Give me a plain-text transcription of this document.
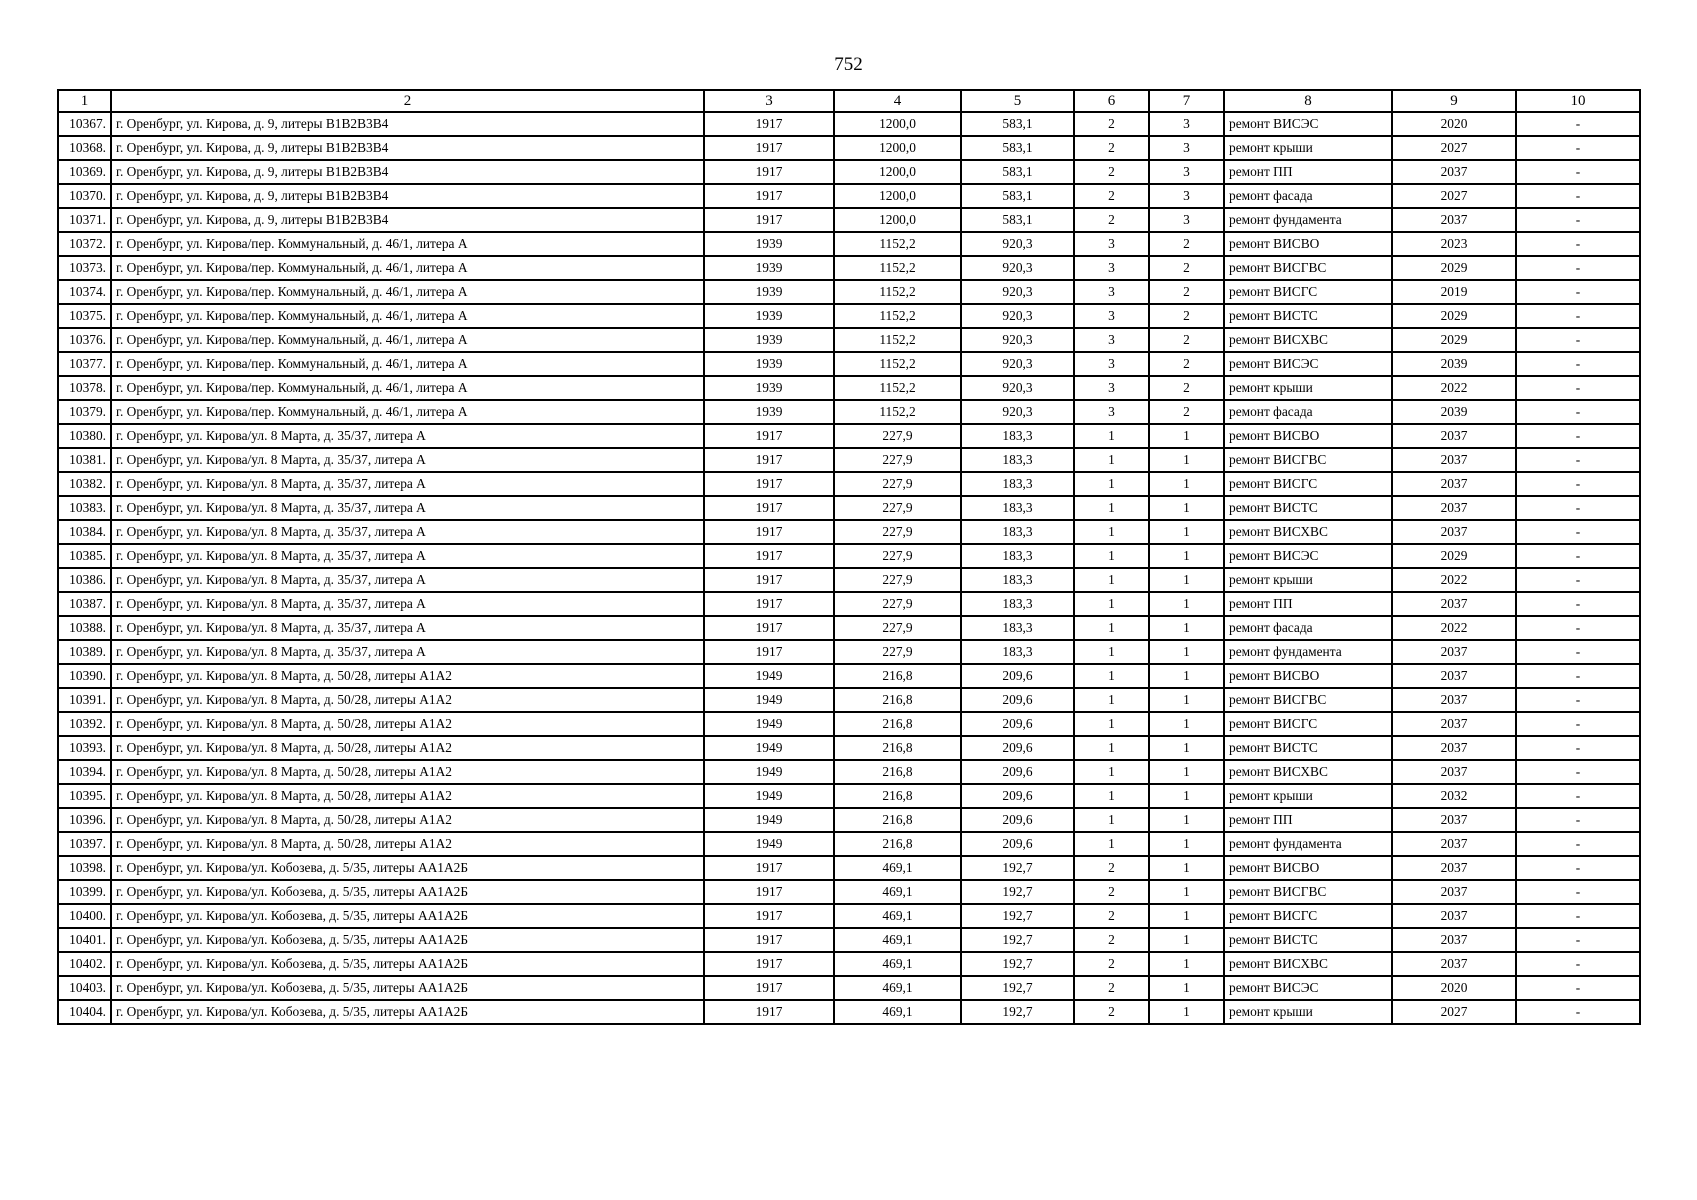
752
1	2	3	4	5	6	7	8	9	10
10367.	г. Оренбург, ул. Кирова, д. 9, литеры В1В2В3В4	1917	1200,0	583,1	2	3	ремонт ВИСЭС	2020	-
10368.	г. Оренбург, ул. Кирова, д. 9, литеры В1В2В3В4	1917	1200,0	583,1	2	3	ремонт крыши	2027	-
10369.	г. Оренбург, ул. Кирова, д. 9, литеры В1В2В3В4	1917	1200,0	583,1	2	3	ремонт ПП	2037	-
10370.	г. Оренбург, ул. Кирова, д. 9, литеры В1В2В3В4	1917	1200,0	583,1	2	3	ремонт фасада	2027	-
10371.	г. Оренбург, ул. Кирова, д. 9, литеры В1В2В3В4	1917	1200,0	583,1	2	3	ремонт фундамента	2037	-
10372.	г. Оренбург, ул. Кирова/пер. Коммунальный, д. 46/1, литера А	1939	1152,2	920,3	3	2	ремонт ВИСВО	2023	-
10373.	г. Оренбург, ул. Кирова/пер. Коммунальный, д. 46/1, литера А	1939	1152,2	920,3	3	2	ремонт ВИСГВС	2029	-
10374.	г. Оренбург, ул. Кирова/пер. Коммунальный, д. 46/1, литера А	1939	1152,2	920,3	3	2	ремонт ВИСГС	2019	-
10375.	г. Оренбург, ул. Кирова/пер. Коммунальный, д. 46/1, литера А	1939	1152,2	920,3	3	2	ремонт ВИСТС	2029	-
10376.	г. Оренбург, ул. Кирова/пер. Коммунальный, д. 46/1, литера А	1939	1152,2	920,3	3	2	ремонт ВИСХВС	2029	-
10377.	г. Оренбург, ул. Кирова/пер. Коммунальный, д. 46/1, литера А	1939	1152,2	920,3	3	2	ремонт ВИСЭС	2039	-
10378.	г. Оренбург, ул. Кирова/пер. Коммунальный, д. 46/1, литера А	1939	1152,2	920,3	3	2	ремонт крыши	2022	-
10379.	г. Оренбург, ул. Кирова/пер. Коммунальный, д. 46/1, литера А	1939	1152,2	920,3	3	2	ремонт фасада	2039	-
10380.	г. Оренбург, ул. Кирова/ул. 8 Марта, д. 35/37, литера А	1917	227,9	183,3	1	1	ремонт ВИСВО	2037	-
10381.	г. Оренбург, ул. Кирова/ул. 8 Марта, д. 35/37, литера А	1917	227,9	183,3	1	1	ремонт ВИСГВС	2037	-
10382.	г. Оренбург, ул. Кирова/ул. 8 Марта, д. 35/37, литера А	1917	227,9	183,3	1	1	ремонт ВИСГС	2037	-
10383.	г. Оренбург, ул. Кирова/ул. 8 Марта, д. 35/37, литера А	1917	227,9	183,3	1	1	ремонт ВИСТС	2037	-
10384.	г. Оренбург, ул. Кирова/ул. 8 Марта, д. 35/37, литера А	1917	227,9	183,3	1	1	ремонт ВИСХВС	2037	-
10385.	г. Оренбург, ул. Кирова/ул. 8 Марта, д. 35/37, литера А	1917	227,9	183,3	1	1	ремонт ВИСЭС	2029	-
10386.	г. Оренбург, ул. Кирова/ул. 8 Марта, д. 35/37, литера А	1917	227,9	183,3	1	1	ремонт крыши	2022	-
10387.	г. Оренбург, ул. Кирова/ул. 8 Марта, д. 35/37, литера А	1917	227,9	183,3	1	1	ремонт ПП	2037	-
10388.	г. Оренбург, ул. Кирова/ул. 8 Марта, д. 35/37, литера А	1917	227,9	183,3	1	1	ремонт фасада	2022	-
10389.	г. Оренбург, ул. Кирова/ул. 8 Марта, д. 35/37, литера А	1917	227,9	183,3	1	1	ремонт фундамента	2037	-
10390.	г. Оренбург, ул. Кирова/ул. 8 Марта, д. 50/28, литеры А1А2	1949	216,8	209,6	1	1	ремонт ВИСВО	2037	-
10391.	г. Оренбург, ул. Кирова/ул. 8 Марта, д. 50/28, литеры А1А2	1949	216,8	209,6	1	1	ремонт ВИСГВС	2037	-
10392.	г. Оренбург, ул. Кирова/ул. 8 Марта, д. 50/28, литеры А1А2	1949	216,8	209,6	1	1	ремонт ВИСГС	2037	-
10393.	г. Оренбург, ул. Кирова/ул. 8 Марта, д. 50/28, литеры А1А2	1949	216,8	209,6	1	1	ремонт ВИСТС	2037	-
10394.	г. Оренбург, ул. Кирова/ул. 8 Марта, д. 50/28, литеры А1А2	1949	216,8	209,6	1	1	ремонт ВИСХВС	2037	-
10395.	г. Оренбург, ул. Кирова/ул. 8 Марта, д. 50/28, литеры А1А2	1949	216,8	209,6	1	1	ремонт крыши	2032	-
10396.	г. Оренбург, ул. Кирова/ул. 8 Марта, д. 50/28, литеры А1А2	1949	216,8	209,6	1	1	ремонт ПП	2037	-
10397.	г. Оренбург, ул. Кирова/ул. 8 Марта, д. 50/28, литеры А1А2	1949	216,8	209,6	1	1	ремонт фундамента	2037	-
10398.	г. Оренбург, ул. Кирова/ул. Кобозева, д. 5/35, литеры АА1А2Б	1917	469,1	192,7	2	1	ремонт ВИСВО	2037	-
10399.	г. Оренбург, ул. Кирова/ул. Кобозева, д. 5/35, литеры АА1А2Б	1917	469,1	192,7	2	1	ремонт ВИСГВС	2037	-
10400.	г. Оренбург, ул. Кирова/ул. Кобозева, д. 5/35, литеры АА1А2Б	1917	469,1	192,7	2	1	ремонт ВИСГС	2037	-
10401.	г. Оренбург, ул. Кирова/ул. Кобозева, д. 5/35, литеры АА1А2Б	1917	469,1	192,7	2	1	ремонт ВИСТС	2037	-
10402.	г. Оренбург, ул. Кирова/ул. Кобозева, д. 5/35, литеры АА1А2Б	1917	469,1	192,7	2	1	ремонт ВИСХВС	2037	-
10403.	г. Оренбург, ул. Кирова/ул. Кобозева, д. 5/35, литеры АА1А2Б	1917	469,1	192,7	2	1	ремонт ВИСЭС	2020	-
10404.	г. Оренбург, ул. Кирова/ул. Кобозева, д. 5/35, литеры АА1А2Б	1917	469,1	192,7	2	1	ремонт крыши	2027	-
